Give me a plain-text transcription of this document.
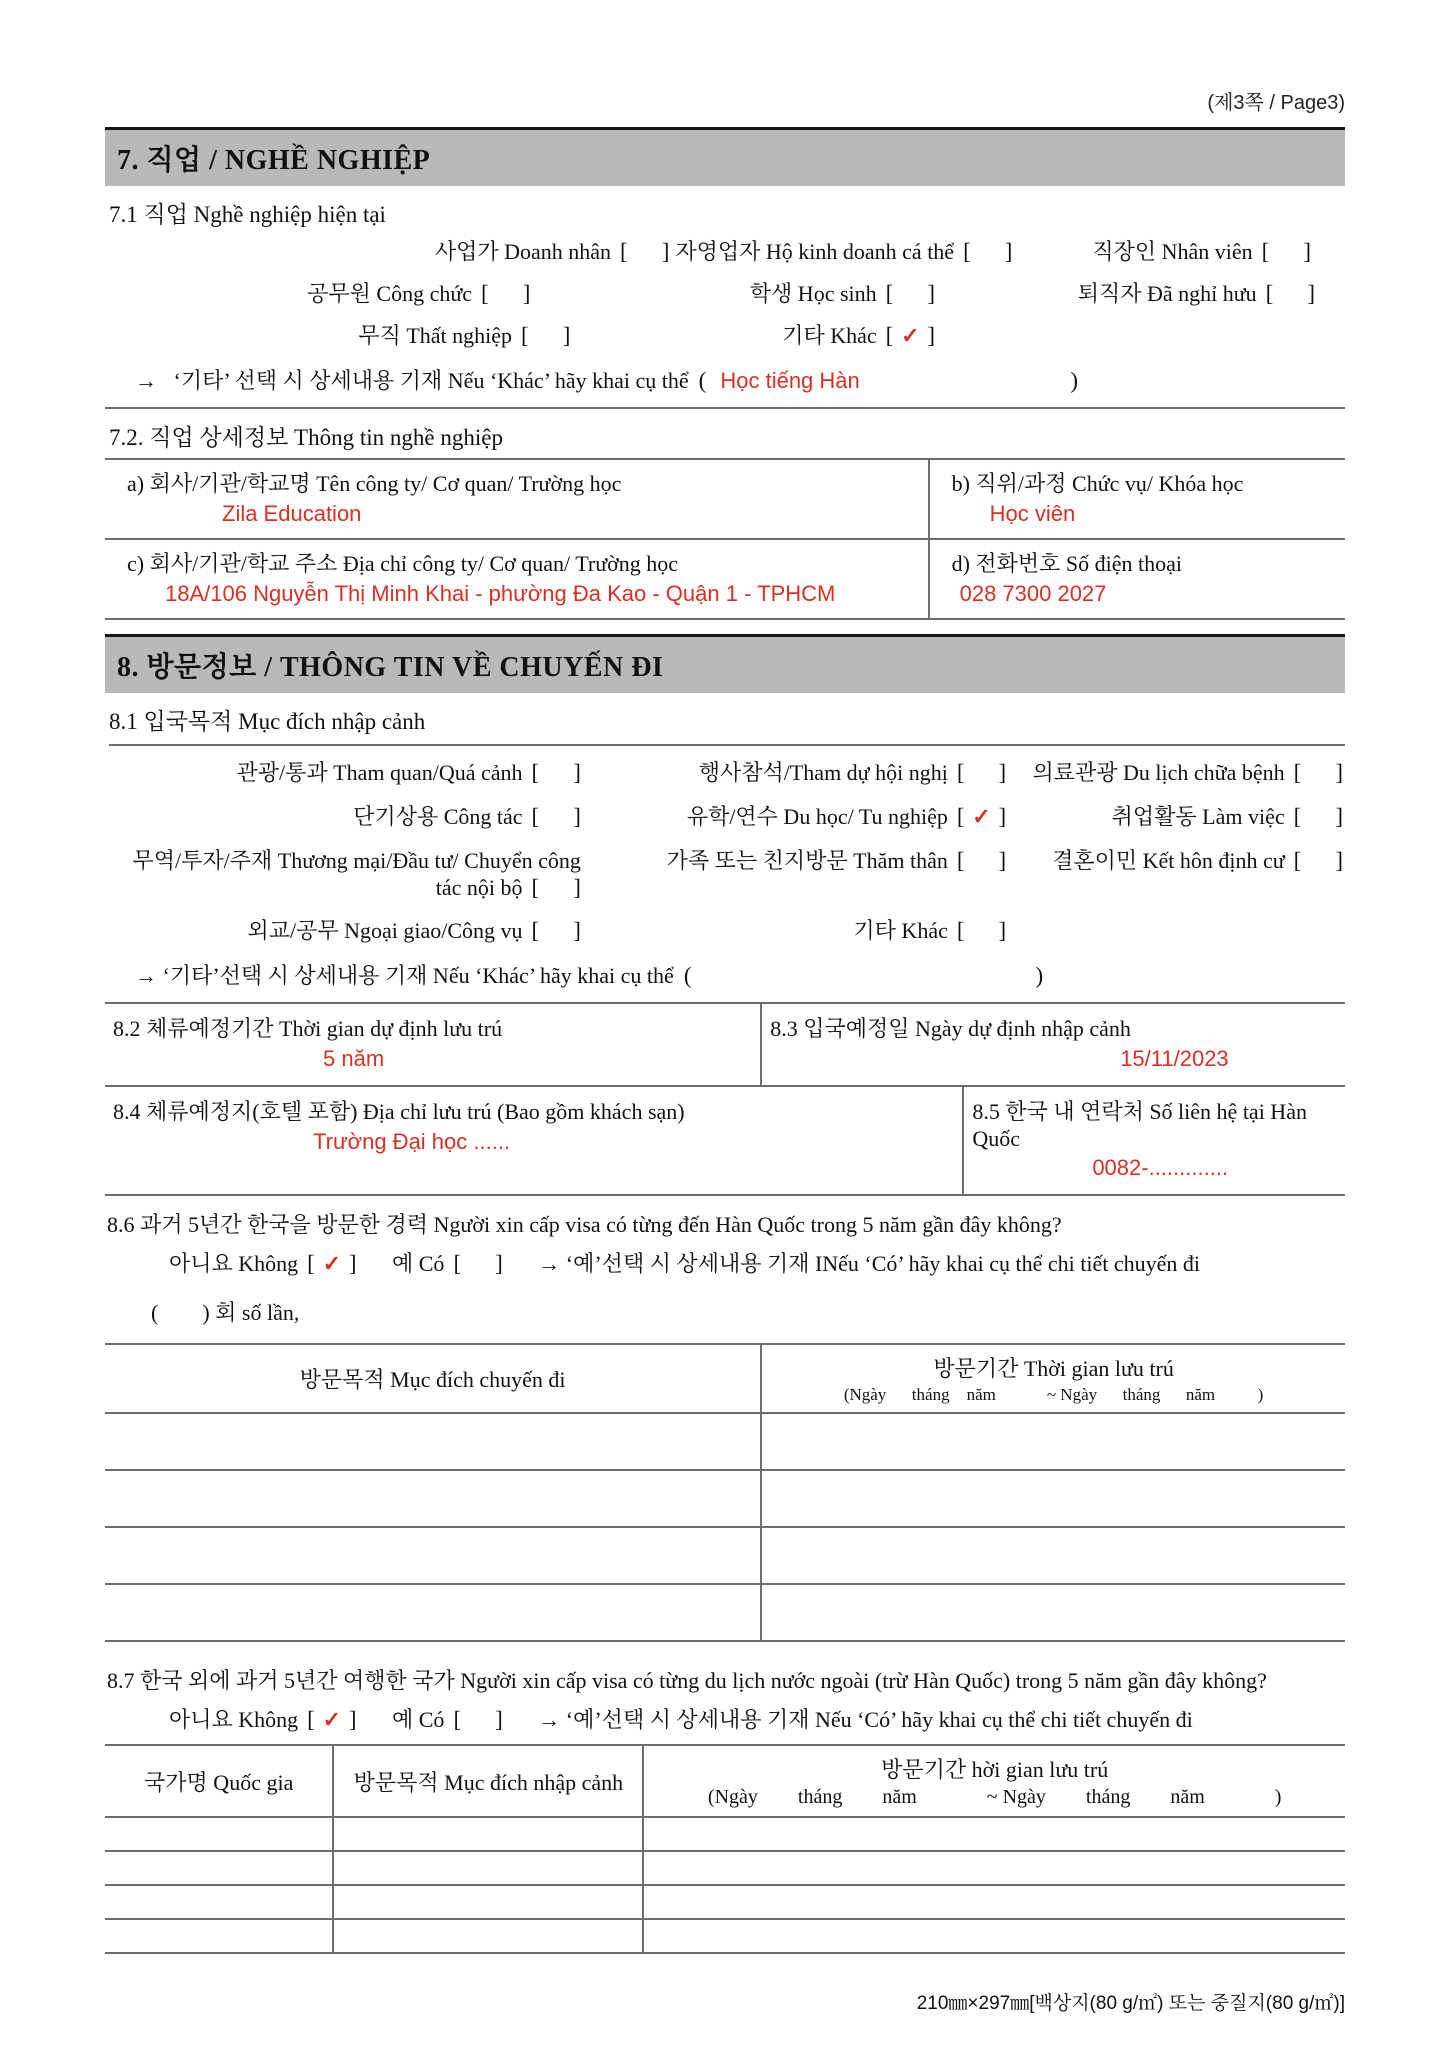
(제3쪽 / Page3)
7. 직업 / NGHỀ NGHIỆP
7.1 직업 Nghề nghiệp hiện tại
사업가 Doanh nhân [ ] 자영업자 Hộ kinh doanh cá thể [ ]	직장인 Nhân viên [ ]
공무원 Công chức [ ]	학생 Học sinh [ ]	퇴직자 Đã nghỉ hưu [ ]
무직 Thất nghiệp [ ]	기타 Khác [ ✓ ]
→   ‘기타’ 선택 시 상세내용 기재 Nếu ‘Khác’ hãy khai cụ thể ( Học tiếng Hàn	)
7.2. 직업 상세정보 Thông tin nghề nghiệp
a) 회사/기관/학교명 Tên công ty/ Cơ quan/ Trường học
Zila Education
b) 직위/과정 Chức vụ/ Khóa học
Học viên
c) 회사/기관/학교 주소 Địa chỉ công ty/ Cơ quan/ Trường học
18A/106 Nguyễn Thị Minh Khai - phường Đa Kao - Quận 1 - TPHCM
d) 전화번호 Số điện thoại
028 7300 2027
8. 방문정보 / THÔNG TIN VỀ CHUYẾN ĐI
8.1 입국목적 Mục đích nhập cảnh
관광/통과 Tham quan/Quá cảnh [ ]	행사참석/Tham dự hội nghị [ ]	의료관광 Du lịch chữa bệnh [ ]
단기상용 Công tác [ ]	유학/연수 Du học/ Tu nghiệp [ ✓ ]	취업활동 Làm việc [ ]
무역/투자/주재 Thương mại/Đầu tư/ Chuyển công tác nội bộ [ ]
가족 또는 친지방문 Thăm thân [ ]	결혼이민 Kết hôn định cư [ ]
외교/공무 Ngoại giao/Công vụ [ ]	기타 Khác [ ]
→ ‘기타’선택 시 상세내용 기재 Nếu ‘Khác’ hãy khai cụ thể (	)
8.2 체류예정기간 Thời gian dự định lưu trú
5 năm
8.3 입국예정일 Ngày dự định nhập cảnh
15/11/2023
8.4 체류예정지(호텔 포함) Địa chỉ lưu trú (Bao gồm khách sạn)
Trường Đại học ......
8.5 한국 내 연락처 Số liên hệ tại Hàn Quốc
0082-.............
8.6 과거 5년간 한국을 방문한 경력 Người xin cấp visa có từng đến Hàn Quốc trong 5 năm gần đây không?
아니요 Không [ ✓ ] 예 Có [ ] → ‘예’선택 시 상세내용 기재 INếu ‘Có’ hãy khai cụ thể chi tiết chuyến đi
(        ) 회 số lần,
방문목적 Mục đích chuyến đi	방문기간 Thời gian lưu trú
(Ngày      tháng    năm            ~ Ngày      tháng      năm          )
8.7 한국 외에 과거 5년간 여행한 국가 Người xin cấp visa có từng du lịch nước ngoài (trừ Hàn Quốc) trong 5 năm gần đây không?
아니요 Không [ ✓ ] 예 Có [ ] → ‘예’선택 시 상세내용 기재 Nếu ‘Có’ hãy khai cụ thể chi tiết chuyến đi
국가명 Quốc gia	방문목적 Mục đích nhập cảnh	방문기간 hời gian lưu trú
(Ngày        tháng        năm              ~ Ngày        tháng        năm              )
210㎜×297㎜[백상지(80 g/㎡) 또는 중질지(80 g/㎡)]
